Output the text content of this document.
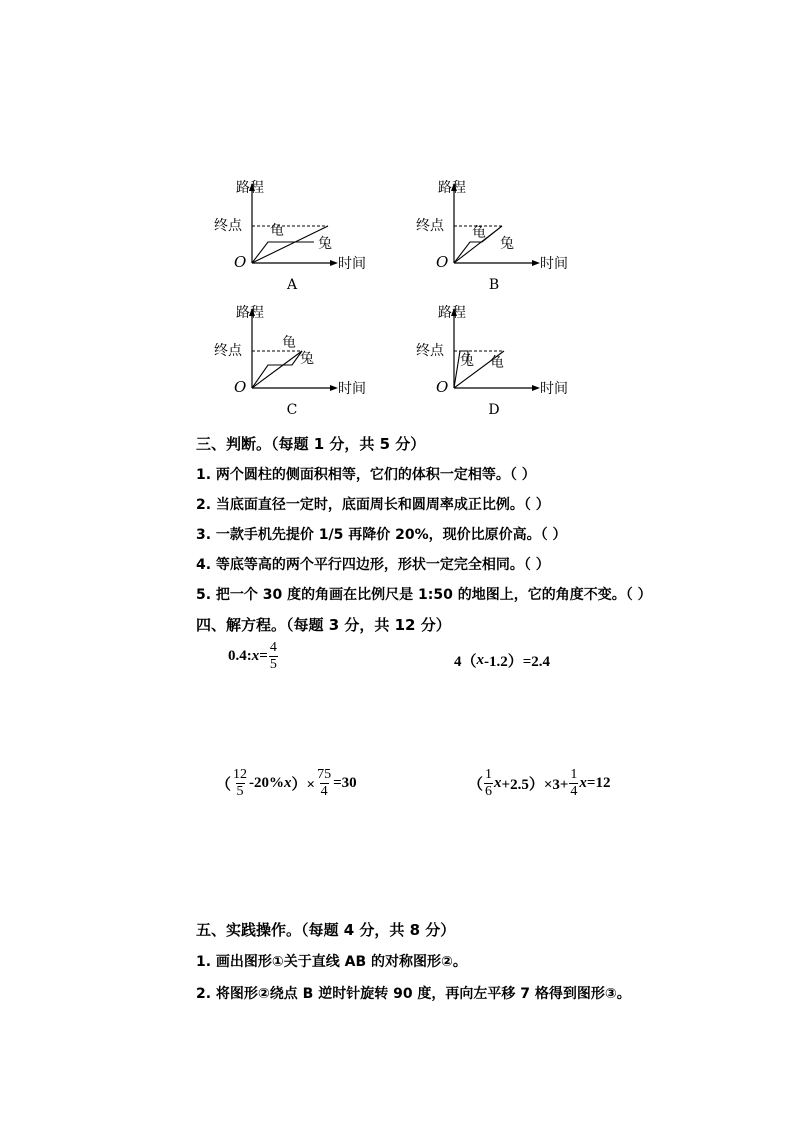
路程
终点 龟
兔
O	时间
A
路程
终点 龟
兔
O	时间
B
路程
终点	龟
兔
O	时间
C
路程
终点
兔 龟
O	时间
D
三、判断。（每题 1 分，共 5 分）
1. 两个圆柱的侧面积相等，它们的体积一定相等。（ ）
2. 当底面直径一定时，底面周长和圆周率成正比例。（ ）
3. 一款手机先提价 1/5 再降价 20%，现价比原价高。（ ）
4. 等底等高的两个平行四边形，形状一定完全相同。（ ）
5. 把一个 30 度的角画在比例尺是 1:50 的地图上，它的角度不变。（ ）
四、解方程。（每题 3 分，共 12 分）
0.4: $x = \frac{4}{5}$	4（ x -1.2）=2.4
（ $\frac{12}{5} -20\%$ x ）× $\frac{75}{4} =30$	（ $\frac{1}{6}$ $x +2.5)\times 3+ \frac{1}{4}$ x =12
五、实践操作。（每题 4 分，共 8 分）
1. 画出图形①关于直线 AB 的对称图形②。
2. 将图形②绕点 B 逆时针旋转 90 度，再向左平移 7 格得到图形③。
